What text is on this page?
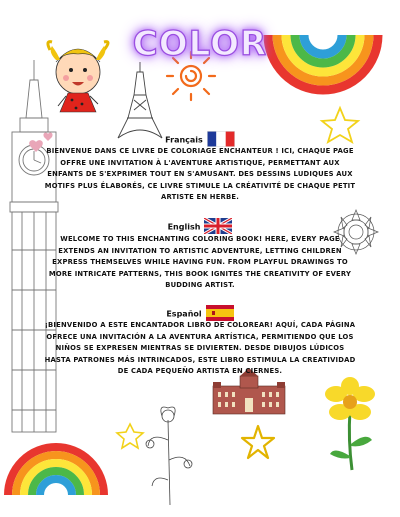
COLOR
Français
BIENVENUE DANS CE LIVRE DE COLORIAGE ENCHANTEUR ! ICI, CHAQUE PAGE OFFRE UNE INVITATION À L'AVENTURE ARTISTIQUE, PERMETTANT AUX ENFANTS DE S'EXPRIMER TOUT EN S'AMUSANT. DES DESSINS LUDIQUES AUX MOTIFS PLUS ÉLABORÉS, CE LIVRE STIMULE LA CRÉATIVITÉ DE CHAQUE PETIT ARTISTE EN HERBE.
English
WELCOME TO THIS ENCHANTING COLORING BOOK! HERE, EVERY PAGE EXTENDS AN INVITATION TO ARTISTIC ADVENTURE, LETTING CHILDREN EXPRESS THEMSELVES WHILE HAVING FUN. FROM PLAYFUL DRAWINGS TO MORE INTRICATE PATTERNS, THIS BOOK IGNITES THE CREATIVITY OF EVERY BUDDING ARTIST.
Español
¡BIENVENIDO A ESTE ENCANTADOR LIBRO DE COLOREAR! AQUÍ, CADA PÁGINA OFRECE UNA INVITACIÓN A LA AVENTURA ARTÍSTICA, PERMITIENDO QUE LOS NIÑOS SE EXPRESEN MIENTRAS SE DIVIERTEN. DESDE DIBUJOS LÚDICOS HASTA PATRONES MÁS INTRINCADOS, ESTE LIBRO ESTIMULA LA CREATIVIDAD DE CADA PEQUEÑO ARTISTA EN CIERNES.
